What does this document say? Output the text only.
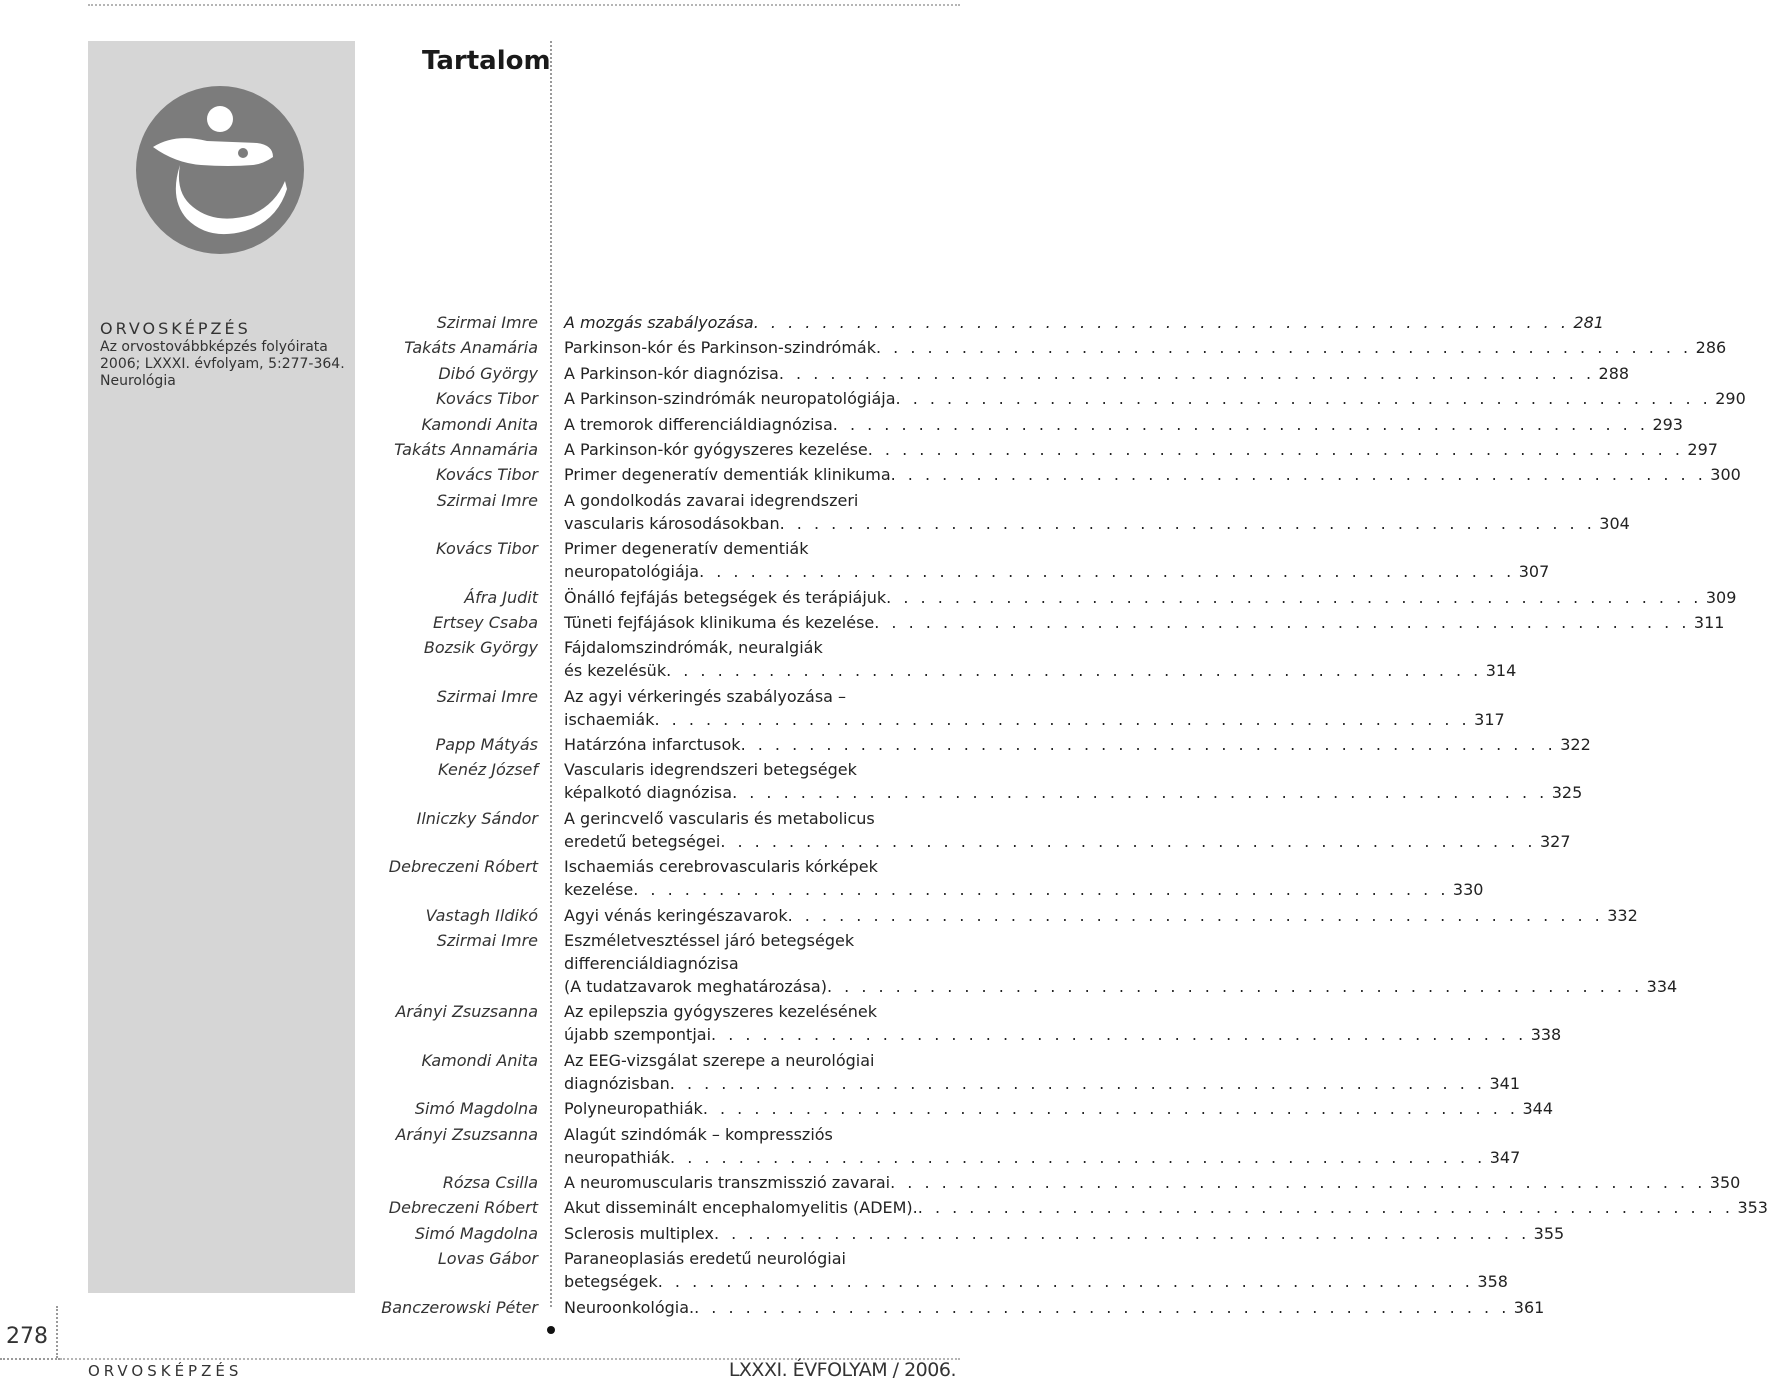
ORVOSKÉPZÉS
Az orvostovábbképzés folyóirata
2006; LXXXI. évfolyam, 5:277-364.
Neurológia
Tartalom
Szirmai Imre A mozgás szabályozása . . . . . . . . . . . . . . . . . . . . . . . . . . . . . . . . . . . . . . . . . . . . . . . . 281
Takáts Anamária Parkinson-kór és Parkinson-szindrómák . . . . . . . . . . . . . . . . . . . . . . . . . . . . . . . . . . . . . . . . . . . . . . . . 286
Dibó György A Parkinson-kór diagnózisa . . . . . . . . . . . . . . . . . . . . . . . . . . . . . . . . . . . . . . . . . . . . . . . . 288
Kovács Tibor A Parkinson-szindrómák neuropatológiája . . . . . . . . . . . . . . . . . . . . . . . . . . . . . . . . . . . . . . . . . . . . . . . . 290
Kamondi Anita A tremorok differenciáldiagnózisa . . . . . . . . . . . . . . . . . . . . . . . . . . . . . . . . . . . . . . . . . . . . . . . . 293
Takáts Annamária A Parkinson-kór gyógyszeres kezelése . . . . . . . . . . . . . . . . . . . . . . . . . . . . . . . . . . . . . . . . . . . . . . . . 297
Kovács Tibor Primer degeneratív dementiák klinikuma . . . . . . . . . . . . . . . . . . . . . . . . . . . . . . . . . . . . . . . . . . . . . . . . 300
Szirmai Imre A gondolkodás zavarai idegrendszeri
vascularis károsodásokban . . . . . . . . . . . . . . . . . . . . . . . . . . . . . . . . . . . . . . . . . . . . . . . . 304
Kovács Tibor Primer degeneratív dementiák
neuropatológiája . . . . . . . . . . . . . . . . . . . . . . . . . . . . . . . . . . . . . . . . . . . . . . . . 307
Áfra Judit Önálló fejfájás betegségek és terápiájuk . . . . . . . . . . . . . . . . . . . . . . . . . . . . . . . . . . . . . . . . . . . . . . . . 309
Ertsey Csaba Tüneti fejfájások klinikuma és kezelése . . . . . . . . . . . . . . . . . . . . . . . . . . . . . . . . . . . . . . . . . . . . . . . . 311
Bozsik György Fájdalomszindrómák, neuralgiák
és kezelésük . . . . . . . . . . . . . . . . . . . . . . . . . . . . . . . . . . . . . . . . . . . . . . . . 314
Szirmai Imre Az agyi vérkeringés szabályozása –
ischaemiák . . . . . . . . . . . . . . . . . . . . . . . . . . . . . . . . . . . . . . . . . . . . . . . . 317
Papp Mátyás Határzóna infarctusok . . . . . . . . . . . . . . . . . . . . . . . . . . . . . . . . . . . . . . . . . . . . . . . . 322
Kenéz József Vascularis idegrendszeri betegségek
képalkotó diagnózisa . . . . . . . . . . . . . . . . . . . . . . . . . . . . . . . . . . . . . . . . . . . . . . . . 325
Ilniczky Sándor A gerincvelő vascularis és metabolicus
eredetű betegségei . . . . . . . . . . . . . . . . . . . . . . . . . . . . . . . . . . . . . . . . . . . . . . . . 327
Debreczeni Róbert Ischaemiás cerebrovascularis kórképek
kezelése . . . . . . . . . . . . . . . . . . . . . . . . . . . . . . . . . . . . . . . . . . . . . . . . 330
Vastagh Ildikó Agyi vénás keringészavarok . . . . . . . . . . . . . . . . . . . . . . . . . . . . . . . . . . . . . . . . . . . . . . . . 332
Szirmai Imre Eszméletvesztéssel járó betegségek
differenciáldiagnózisa
(A tudatzavarok meghatározása) . . . . . . . . . . . . . . . . . . . . . . . . . . . . . . . . . . . . . . . . . . . . . . . . 334
Arányi Zsuzsanna Az epilepszia gyógyszeres kezelésének
újabb szempontjai . . . . . . . . . . . . . . . . . . . . . . . . . . . . . . . . . . . . . . . . . . . . . . . . 338
Kamondi Anita Az EEG-vizsgálat szerepe a neurológiai
diagnózisban . . . . . . . . . . . . . . . . . . . . . . . . . . . . . . . . . . . . . . . . . . . . . . . . 341
Simó Magdolna Polyneuropathiák . . . . . . . . . . . . . . . . . . . . . . . . . . . . . . . . . . . . . . . . . . . . . . . . 344
Arányi Zsuzsanna Alagút szindómák – kompressziós
neuropathiák . . . . . . . . . . . . . . . . . . . . . . . . . . . . . . . . . . . . . . . . . . . . . . . . 347
Rózsa Csilla A neuromuscularis transzmisszió zavarai . . . . . . . . . . . . . . . . . . . . . . . . . . . . . . . . . . . . . . . . . . . . . . . . 350
Debreczeni Róbert Akut disseminált encephalomyelitis (ADEM). . . . . . . . . . . . . . . . . . . . . . . . . . . . . . . . . . . . . . . . . . . . . . . . . 353
Simó Magdolna Sclerosis multiplex . . . . . . . . . . . . . . . . . . . . . . . . . . . . . . . . . . . . . . . . . . . . . . . . 355
Lovas Gábor Paraneoplasiás eredetű neurológiai
betegségek . . . . . . . . . . . . . . . . . . . . . . . . . . . . . . . . . . . . . . . . . . . . . . . . 358
Banczerowski Péter Neuroonkológia. . . . . . . . . . . . . . . . . . . . . . . . . . . . . . . . . . . . . . . . . . . . . . . . . 361
278
ORVOSKÉPZÉS	LXXXI. ÉVFOLYAM / 2006.
